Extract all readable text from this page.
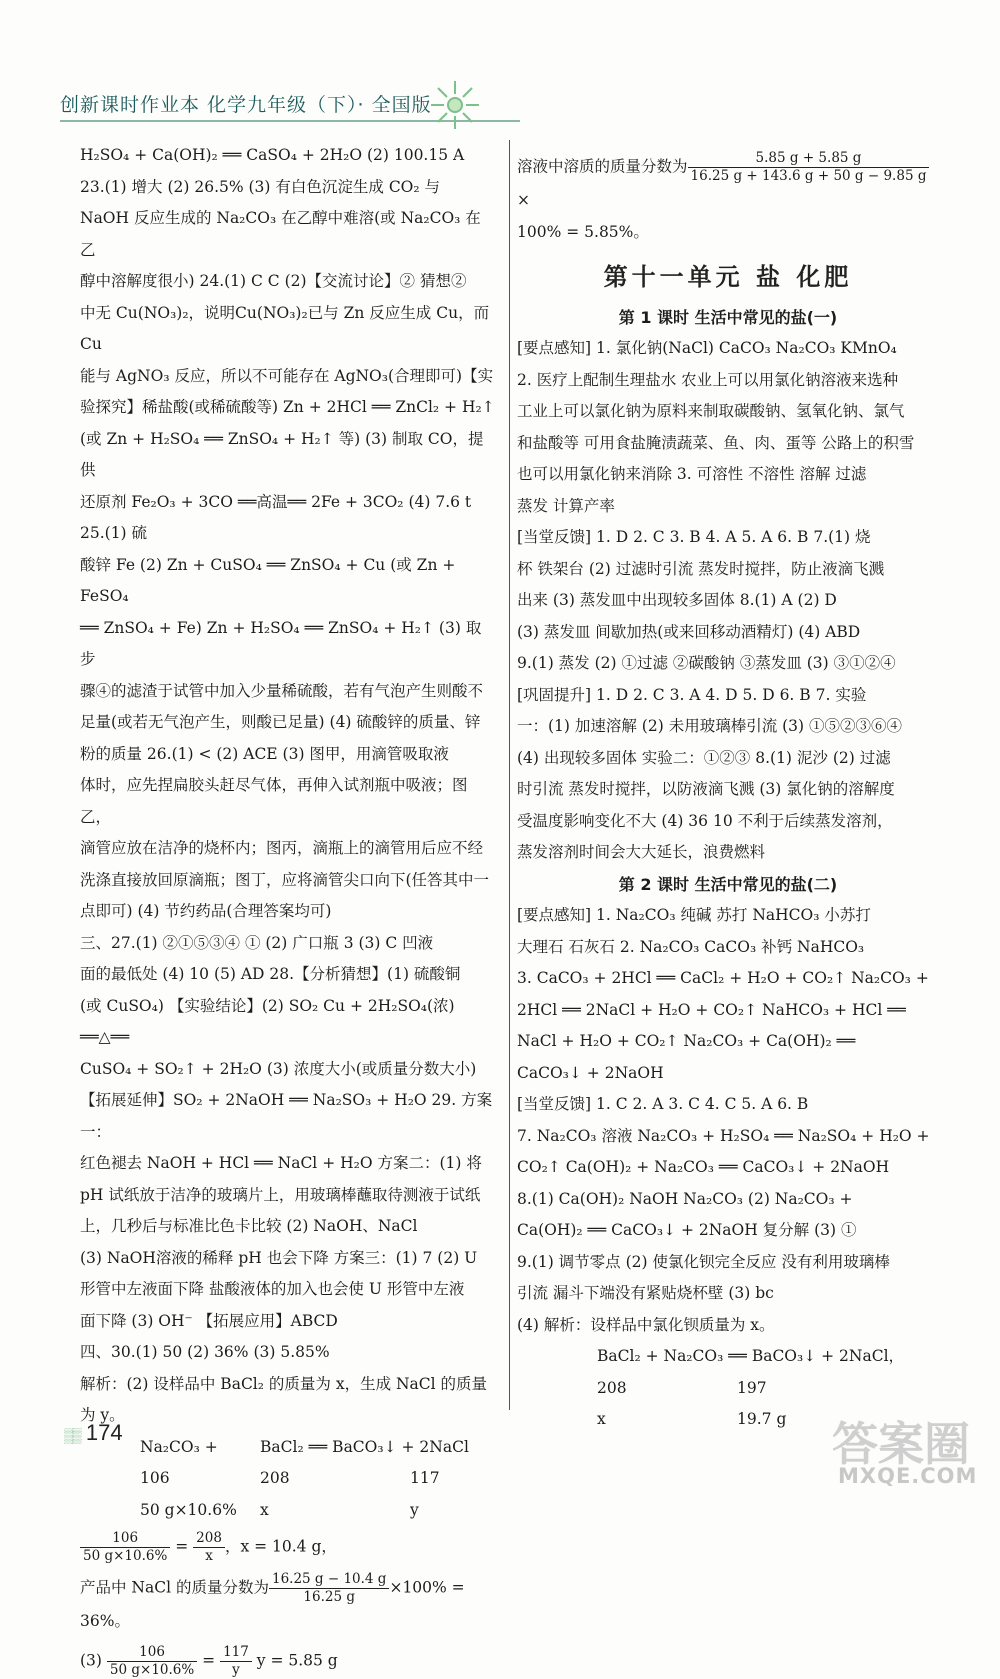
创新课时作业本 化学九年级（下）· 全国版

H₂SO₄ + Ca(OH)₂ ══ CaSO₄ + 2H₂O (2) 100.15 A

23.(1) 增大 (2) 26.5% (3) 有白色沉淀生成 CO₂ 与

NaOH 反应生成的 Na₂CO₃ 在乙醇中难溶(或 Na₂CO₃ 在乙

醇中溶解度很小) 24.(1) C C (2)【交流讨论】② 猜想②

中无 Cu(NO₃)₂，说明Cu(NO₃)₂已与 Zn 反应生成 Cu，而 Cu

能与 AgNO₃ 反应，所以不可能存在 AgNO₃(合理即可)【实

验探究】稀盐酸(或稀硫酸等) Zn + 2HCl ══ ZnCl₂ + H₂↑

(或 Zn + H₂SO₄ ══ ZnSO₄ + H₂↑ 等) (3) 制取 CO，提供

还原剂 Fe₂O₃ + 3CO ══高温══ 2Fe + 3CO₂ (4) 7.6 t 25.(1) 硫

酸锌 Fe (2) Zn + CuSO₄ ══ ZnSO₄ + Cu (或 Zn + FeSO₄

══ ZnSO₄ + Fe) Zn + H₂SO₄ ══ ZnSO₄ + H₂↑ (3) 取步

骤④的滤渣于试管中加入少量稀硫酸，若有气泡产生则酸不

足量(或若无气泡产生，则酸已足量) (4) 硫酸锌的质量、锌

粉的质量 26.(1) < (2) ACE (3) 图甲，用滴管吸取液

体时，应先捏扁胶头赶尽气体，再伸入试剂瓶中吸液；图乙，

滴管应放在洁净的烧杯内；图丙，滴瓶上的滴管用后应不经

洗涤直接放回原滴瓶；图丁，应将滴管尖口向下(任答其中一

点即可) (4) 节约药品(合理答案均可)

三、27.(1) ②①⑤③④ ① (2) 广口瓶 3 (3) C 凹液

面的最低处 (4) 10 (5) AD 28.【分析猜想】(1) 硫酸铜

(或 CuSO₄) 【实验结论】(2) SO₂ Cu + 2H₂SO₄(浓) ══△══

CuSO₄ + SO₂↑ + 2H₂O (3) 浓度大小(或质量分数大小)

【拓展延伸】SO₂ + 2NaOH ══ Na₂SO₃ + H₂O 29. 方案一：

红色褪去 NaOH + HCl ══ NaCl + H₂O 方案二：(1) 将

pH 试纸放于洁净的玻璃片上，用玻璃棒蘸取待测液于试纸

上，几秒后与标准比色卡比较 (2) NaOH、NaCl

(3) NaOH溶液的稀释 pH 也会下降 方案三：(1) 7 (2) U

形管中左液面下降 盐酸液体的加入也会使 U 形管中左液

面下降 (3) OH⁻ 【拓展应用】ABCD

四、30.(1) 50 (2) 36% (3) 5.85%

解析：(2) 设样品中 BaCl₂ 的质量为 x，生成 NaCl 的质量

为 y。

Na₂CO₃ +	BaCl₂ ══ BaCO₃↓ + 2NaCl

106	208	117

50 g×10.6% x	y

$\frac{106}{50 g\times 10.6\%} = \frac{208}{x}$ ，x = 10.4 g，

产品中 NaCl 的质量分数为 $\frac{16.25 g - 10.4 g}{16.25 g} \times 100\% = 36\%$。

$(3) \frac{106}{50 g\times 10.6\%} = \frac{117}{y}$ y = 5.85 g

溶液中溶质的质量分数为 $\frac{5.85 g + 5.85 g}{16.25 g + 143.6 g + 50 g - 9.85 g}$
×

100% = 5.85%。

第十一单元 盐 化肥

第 1 课时 生活中常见的盐(一)

[要点感知] 1. 氯化钠(NaCl) CaCO₃ Na₂CO₃ KMnO₄

2. 医疗上配制生理盐水 农业上可以用氯化钠溶液来选种

工业上可以氯化钠为原料来制取碳酸钠、氢氧化钠、氯气

和盐酸等 可用食盐腌渍蔬菜、鱼、肉、蛋等 公路上的积雪

也可以用氯化钠来消除 3. 可溶性 不溶性 溶解 过滤

蒸发 计算产率

[当堂反馈] 1. D 2. C 3. B 4. A 5. A 6. B 7.(1) 烧

杯 铁架台 (2) 过滤时引流 蒸发时搅拌，防止液滴飞溅

出来 (3) 蒸发皿中出现较多固体 8.(1) A (2) D

(3) 蒸发皿 间歇加热(或来回移动酒精灯) (4) ABD

9.(1) 蒸发 (2) ①过滤 ②碳酸钠 ③蒸发皿 (3) ③①②④

[巩固提升] 1. D 2. C 3. A 4. D 5. D 6. B 7. 实验

一：(1) 加速溶解 (2) 未用玻璃棒引流 (3) ①⑤②③⑥④

(4) 出现较多固体 实验二：①②③ 8.(1) 泥沙 (2) 过滤

时引流 蒸发时搅拌，以防液滴飞溅 (3) 氯化钠的溶解度

受温度影响变化不大 (4) 36 10 不利于后续蒸发溶剂，

蒸发溶剂时间会大大延长，浪费燃料

第 2 课时 生活中常见的盐(二)

[要点感知] 1. Na₂CO₃ 纯碱 苏打 NaHCO₃ 小苏打

大理石 石灰石 2. Na₂CO₃ CaCO₃ 补钙 NaHCO₃

3. CaCO₃ + 2HCl ══ CaCl₂ + H₂O + CO₂↑ Na₂CO₃ +

2HCl ══ 2NaCl + H₂O + CO₂↑ NaHCO₃ + HCl ══

NaCl + H₂O + CO₂↑ Na₂CO₃ + Ca(OH)₂ ══

CaCO₃↓ + 2NaOH

[当堂反馈] 1. C 2. A 3. C 4. C 5. A 6. B

7. Na₂CO₃ 溶液 Na₂CO₃ + H₂SO₄ ══ Na₂SO₄ + H₂O +

CO₂↑ Ca(OH)₂ + Na₂CO₃ ══ CaCO₃↓ + 2NaOH

8.(1) Ca(OH)₂ NaOH Na₂CO₃ (2) Na₂CO₃ +

Ca(OH)₂ ══ CaCO₃↓ + 2NaOH 复分解 (3) ①

9.(1) 调节零点 (2) 使氯化钡完全反应 没有利用玻璃棒

引流 漏斗下端没有紧贴烧杯壁 (3) bc

(4) 解析：设样品中氯化钡质量为 x。

BaCl₂ + Na₂CO₃ ══ BaCO₃↓ + 2NaCl，

208	197

x	19.7 g

▒▒ 174	答案圈
MXQE.COM
